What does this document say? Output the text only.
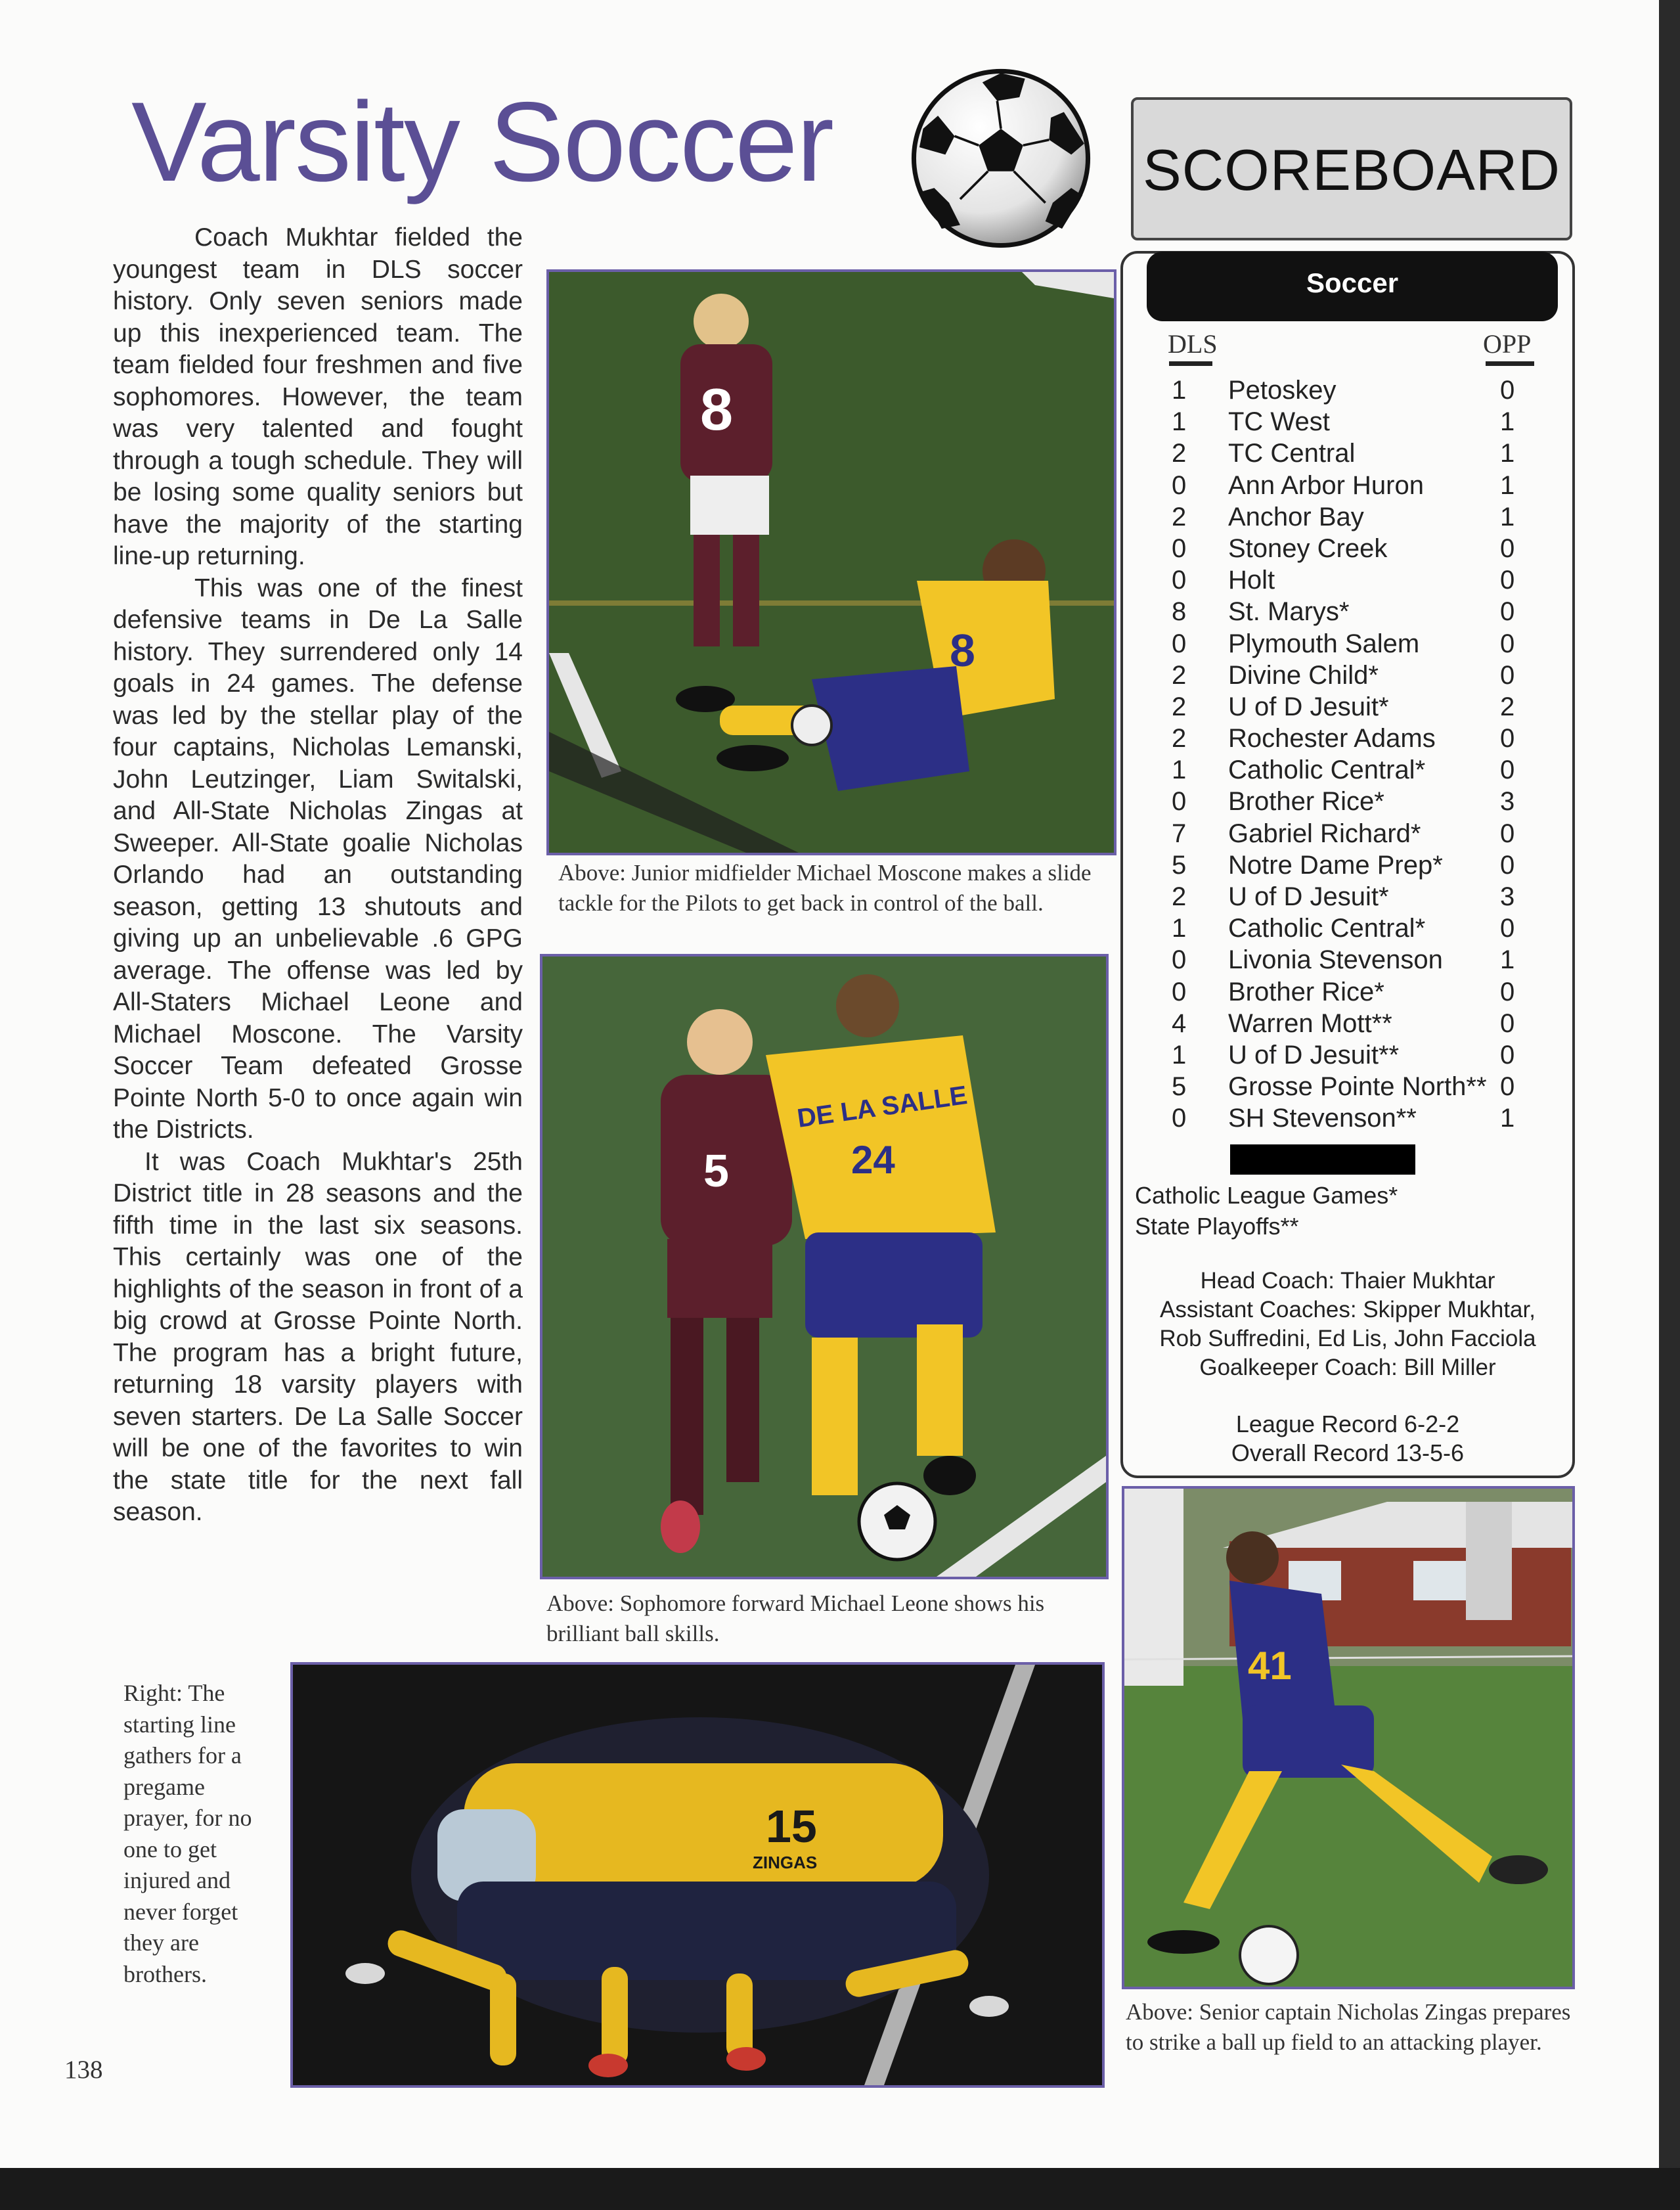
Varsity Soccer

Coach Mukhtar fielded the youngest team in DLS soccer history. Only seven seniors made up this inexperienced team. The team fielded four freshmen and five sophomores. However, the team was very talented and fought through a tough schedule. They will be losing some quality seniors but have the majority of the starting line-up returning.

This was one of the finest defensive teams in De La Salle history. They surrendered only 14 goals in 24 games. The defense was led by the stellar play of the four captains, Nicholas Lemanski, John Leutzinger, Liam Switalski, and All-State Nicholas Zingas at Sweeper. All-State goalie Nicholas Orlando had an outstanding season, getting 13 shutouts and giving up an unbelievable .6 GPG average. The offense was led by All-Staters Michael Leone and Michael Moscone. The Varsity Soccer Team defeated Grosse Pointe North 5-0 to once again win the Districts.

It was Coach Mukhtar's 25th District title in 28 seasons and the fifth time in the last six seasons. This certainly was one of the highlights of the season in front of a big crowd at Grosse Pointe North. The program has a bright future, returning 18 varsity players with seven starters. De La Salle Soccer will be one of the favorites to win the state title for the next fall season.

8
8
Above: Junior midfielder Michael Moscone makes a slide tackle for the Pilots to get back in control of the ball.
5
DE LA SALLE
24
Above: Sophomore forward Michael Leone shows his brilliant ball skills.
15
ZINGAS
Right: The starting line gathers for a pregame prayer, for no one to get injured and never forget they are brothers.
41
Above: Senior captain Nicholas Zingas prepares to strike a ball up field to an attacking player.
SCOREBOARD
Soccer
DLS	OPP
1 Petoskey	0
1 TC West	1
2 TC Central	1
0 Ann Arbor Huron	1
2 Anchor Bay	1
0 Stoney Creek	0
0 Holt	0
8 St. Marys*	0
0 Plymouth Salem	0
2 Divine Child*	0
2 U of D Jesuit*	2
2 Rochester Adams 0
1 Catholic Central*	0
0 Brother Rice*	3
7 Gabriel Richard*	0
5 Notre Dame Prep* 0
2 U of D Jesuit*	3
1 Catholic Central*	0
0 Livonia Stevenson 1
0 Brother Rice*	0
4 Warren Mott**	0
1 U of D Jesuit**	0
5 Grosse Pointe North** 0
0 SH Stevenson**	1
Catholic League Games*
State Playoffs**
Head Coach: Thaier Mukhtar
Assistant Coaches: Skipper Mukhtar,
Rob Suffredini, Ed Lis, John Facciola
Goalkeeper Coach: Bill Miller
League Record 6-2-2
Overall Record 13-5-6
138
